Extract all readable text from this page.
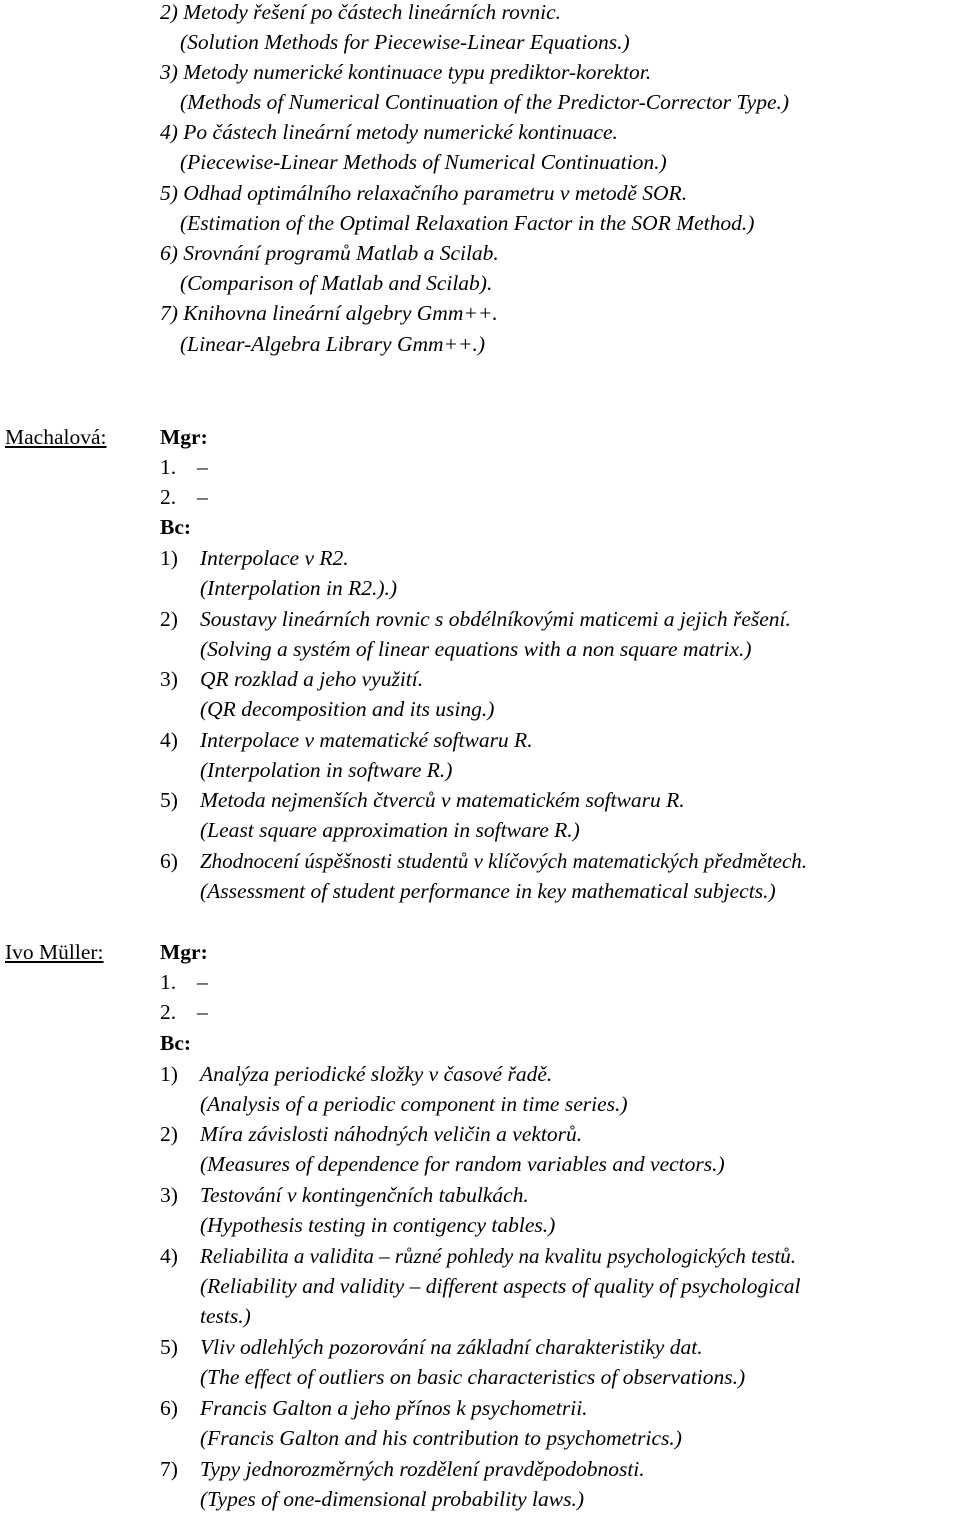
2) Metody řešení po částech lineárních rovnic.
(Solution Methods for Piecewise-Linear Equations.)
3) Metody numerické kontinuace typu prediktor-korektor.
(Methods of Numerical Continuation of the Predictor-Corrector Type.)
4) Po částech lineární metody numerické kontinuace.
(Piecewise-Linear Methods of Numerical Continuation.)
5) Odhad optimálního relaxačního parametru v metodě SOR.
(Estimation of the Optimal Relaxation Factor in the SOR Method.)
6) Srovnání programů Matlab a Scilab.
(Comparison of Matlab and Scilab).
7) Knihovna lineární algebry Gmm++.
(Linear-Algebra Library Gmm++.)
Machalová: Mgr:
1. –
2. –
Bc:
1) Interpolace v R2.
(Interpolation in R2.).)
2) Soustavy lineárních rovnic s obdélníkovými maticemi a jejich řešení.
(Solving a systém of linear equations with a non square matrix.)
3) QR rozklad a jeho využití.
(QR decomposition and its using.)
4) Interpolace v matematické softwaru R.
(Interpolation in software R.)
5) Metoda nejmenších čtverců v matematickém softwaru R.
(Least square approximation in software R.)
6) Zhodnocení úspěšnosti studentů v klíčových matematických předmětech.
(Assessment of student performance in key mathematical subjects.)
Ivo Müller:	Mgr:
1. –
2. –
Bc:
1) Analýza periodické složky v časové řadě.
(Analysis of a periodic component in time series.)
2) Míra závislosti náhodných veličin a vektorů.
(Measures of dependence for random variables and vectors.)
3) Testování v kontingenčních tabulkách.
(Hypothesis testing in contigency tables.)
4) Reliabilita a validita – různé pohledy na kvalitu psychologických testů.
(Reliability and validity – different aspects of quality of psychological
tests.)
5) Vliv odlehlých pozorování na základní charakteristiky dat.
(The effect of outliers on basic characteristics of observations.)
6) Francis Galton a jeho přínos k psychometrii.
(Francis Galton and his contribution to psychometrics.)
7) Typy jednorozměrných rozdělení pravděpodobnosti.
(Types of one-dimensional probability laws.)
